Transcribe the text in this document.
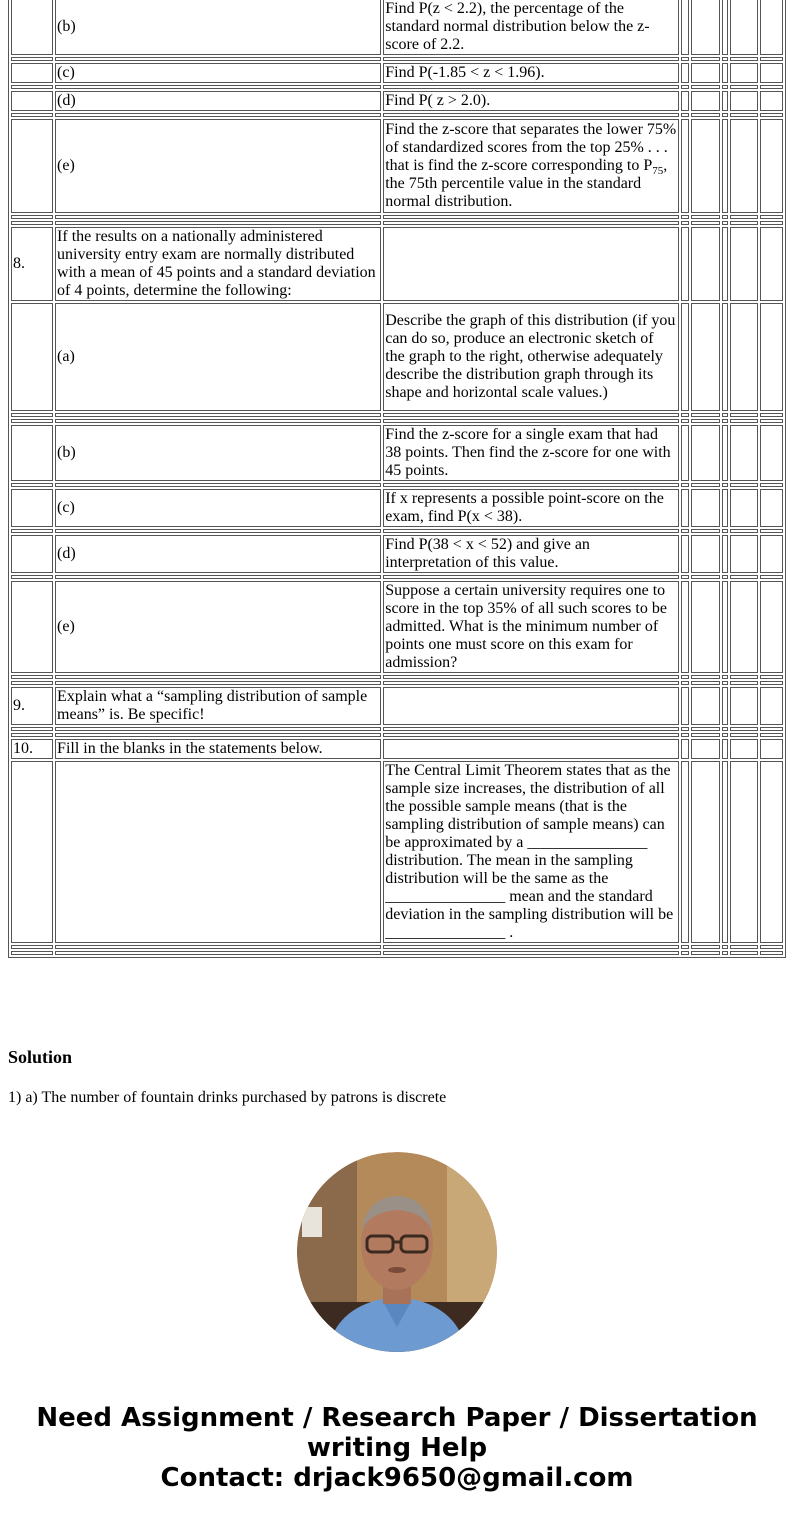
	(b)	Find P(z < 2.2), the percentage of the standard normal distribution below the z-score of 2.2.					

	(c)	Find P(-1.85 < z < 1.96).					

	(d)	Find P( z > 2.0).					

	(e)	Find the z-score that separates the lower 75% of standardized scores from the top 25% . . . that is find the z-score corresponding to $P_{75}$, the 75th percentile value in the standard normal distribution.					

8.	If the results on a nationally administered university entry exam are normally distributed with a mean of 45 points and a standard deviation of 4 points, determine the following:						
	(a)	Describe the graph of this distribution (if you can do so, produce an electronic sketch of the graph to the right, otherwise adequately describe the distribution graph through its shape and horizontal scale values.)					

	(b)	Find the z-score for a single exam that had 38 points. Then find the z-score for one with 45 points.					

	(c)	If x represents a possible point-score on the exam, find P(x < 38).					

	(d)	Find P(38 < x < 52) and give an interpretation of this value.					

	(e)	Suppose a certain university requires one to score in the top 35% of all such scores to be admitted. What is the minimum number of points one must score on this exam for admission?					

9.	Explain what a “sampling distribution of sample means” is. Be specific!						

10.	Fill in the blanks in the statements below.						
		The Central Limit Theorem states that as the sample size increases, the distribution of all the possible sample means (that is the sampling distribution of sample means) can be approximated by a _______________ distribution. The mean in the sampling distribution will be the same as the _______________ mean and the standard deviation in the sampling distribution will be _______________ .					

Solution
1) a) The number of fountain drinks purchased by patrons is discrete
Need Assignment / Research Paper / Dissertation writing Help
Contact: drjack9650@gmail.com
